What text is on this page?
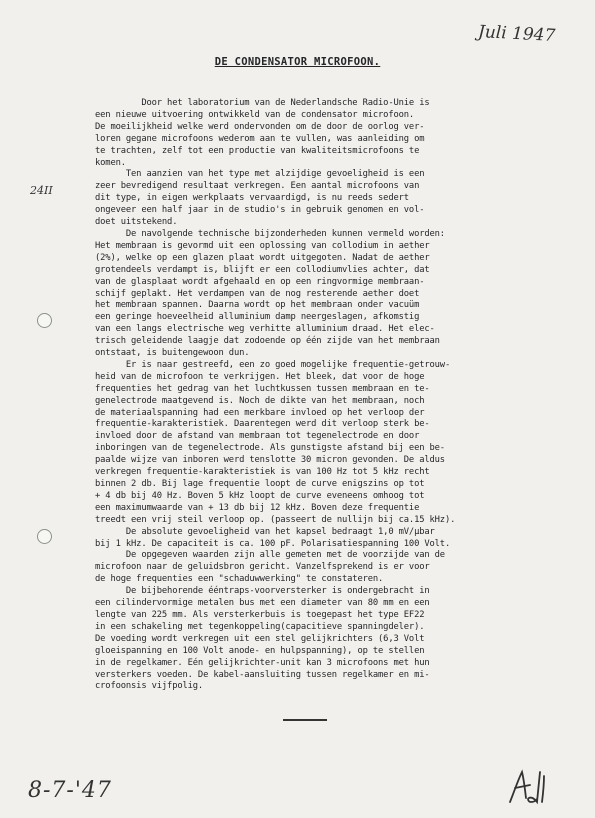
Juli 1947
24II
DE CONDENSATOR MICROFOON.
Door het laboratorium van de Nederlandsche Radio-Unie is
een nieuwe uitvoering ontwikkeld van de condensator microfoon.
De moeilijkheid welke werd ondervonden om de door de oorlog ver-
loren gegane microfoons wederom aan te vullen, was aanleiding om
te trachten, zelf tot een productie van kwaliteitsmicrofoons te
komen.
Ten aanzien van het type met alzijdige gevoeligheid is een
zeer bevredigend resultaat verkregen. Een aantal microfoons van
dit type, in eigen werkplaats vervaardigd, is nu reeds sedert
ongeveer een half jaar in de studio's in gebruik genomen en vol-
doet uitstekend.
De navolgende technische bijzonderheden kunnen vermeld worden:
Het membraan is gevormd uit een oplossing van collodium in aether
(2%), welke op een glazen plaat wordt uitgegoten. Nadat de aether
grotendeels verdampt is, blijft er een collodiumvlies achter, dat
van de glasplaat wordt afgehaald en op een ringvormige membraan-
schijf geplakt. Het verdampen van de nog resterende aether doet
het membraan spannen. Daarna wordt op het membraan onder vacuüm
een geringe hoeveelheid alluminium damp neergeslagen, afkomstig
van een langs electrische weg verhitte alluminium draad. Het elec-
trisch geleidende laagje dat zodoende op één zijde van het membraan
ontstaat, is buitengewoon dun.
Er is naar gestreefd, een zo goed mogelijke frequentie-getrouw-
heid van de microfoon te verkrijgen. Het bleek, dat voor de hoge
frequenties het gedrag van het luchtkussen tussen membraan en te-
genelectrode maatgevend is. Noch de dikte van het membraan, noch
de materiaalspanning had een merkbare invloed op het verloop der
frequentie-karakteristiek. Daarentegen werd dit verloop sterk be-
invloed door de afstand van membraan tot tegenelectrode en door
inboringen van de tegenelectrode. Als gunstigste afstand bij een be-
paalde wijze van inboren werd tenslotte 30 micron gevonden. De aldus
verkregen frequentie-karakteristiek is van 100 Hz tot 5 kHz recht
binnen 2 db. Bij lage frequentie loopt de curve enigszins op tot
+ 4 db bij 40 Hz. Boven 5 kHz loopt de curve eveneens omhoog tot
een maximumwaarde van + 13 db bij 12 kHz. Boven deze frequentie
treedt een vrij steil verloop op. (passeert de nullijn bij ca.15 kHz).
De absolute gevoeligheid van het kapsel bedraagt 1,0 mV/µbar
bij 1 kHz. De capaciteit is ca. 100 pF. Polarisatiespanning 100 Volt.
De opgegeven waarden zijn alle gemeten met de voorzijde van de
microfoon naar de geluidsbron gericht. Vanzelfsprekend is er voor
de hoge frequenties een "schaduwwerking" te constateren.
De bijbehorende ééntraps-voorversterker is ondergebracht in
een cilindervormige metalen bus met een diameter van 80 mm en een
lengte van 225 mm. Als versterkerbuis is toegepast het type EF22
in een schakeling met tegenkoppeling(capacitieve spanningdeler).
De voeding wordt verkregen uit een stel gelijkrichters (6,3 Volt
gloeispanning en 100 Volt anode- en hulpspanning), op te stellen
in de regelkamer. Eén gelijkrichter-unit kan 3 microfoons met hun
versterkers voeden. De kabel-aansluiting tussen regelkamer en mi-
crofoonsis vijfpolig.
8-7-'47
